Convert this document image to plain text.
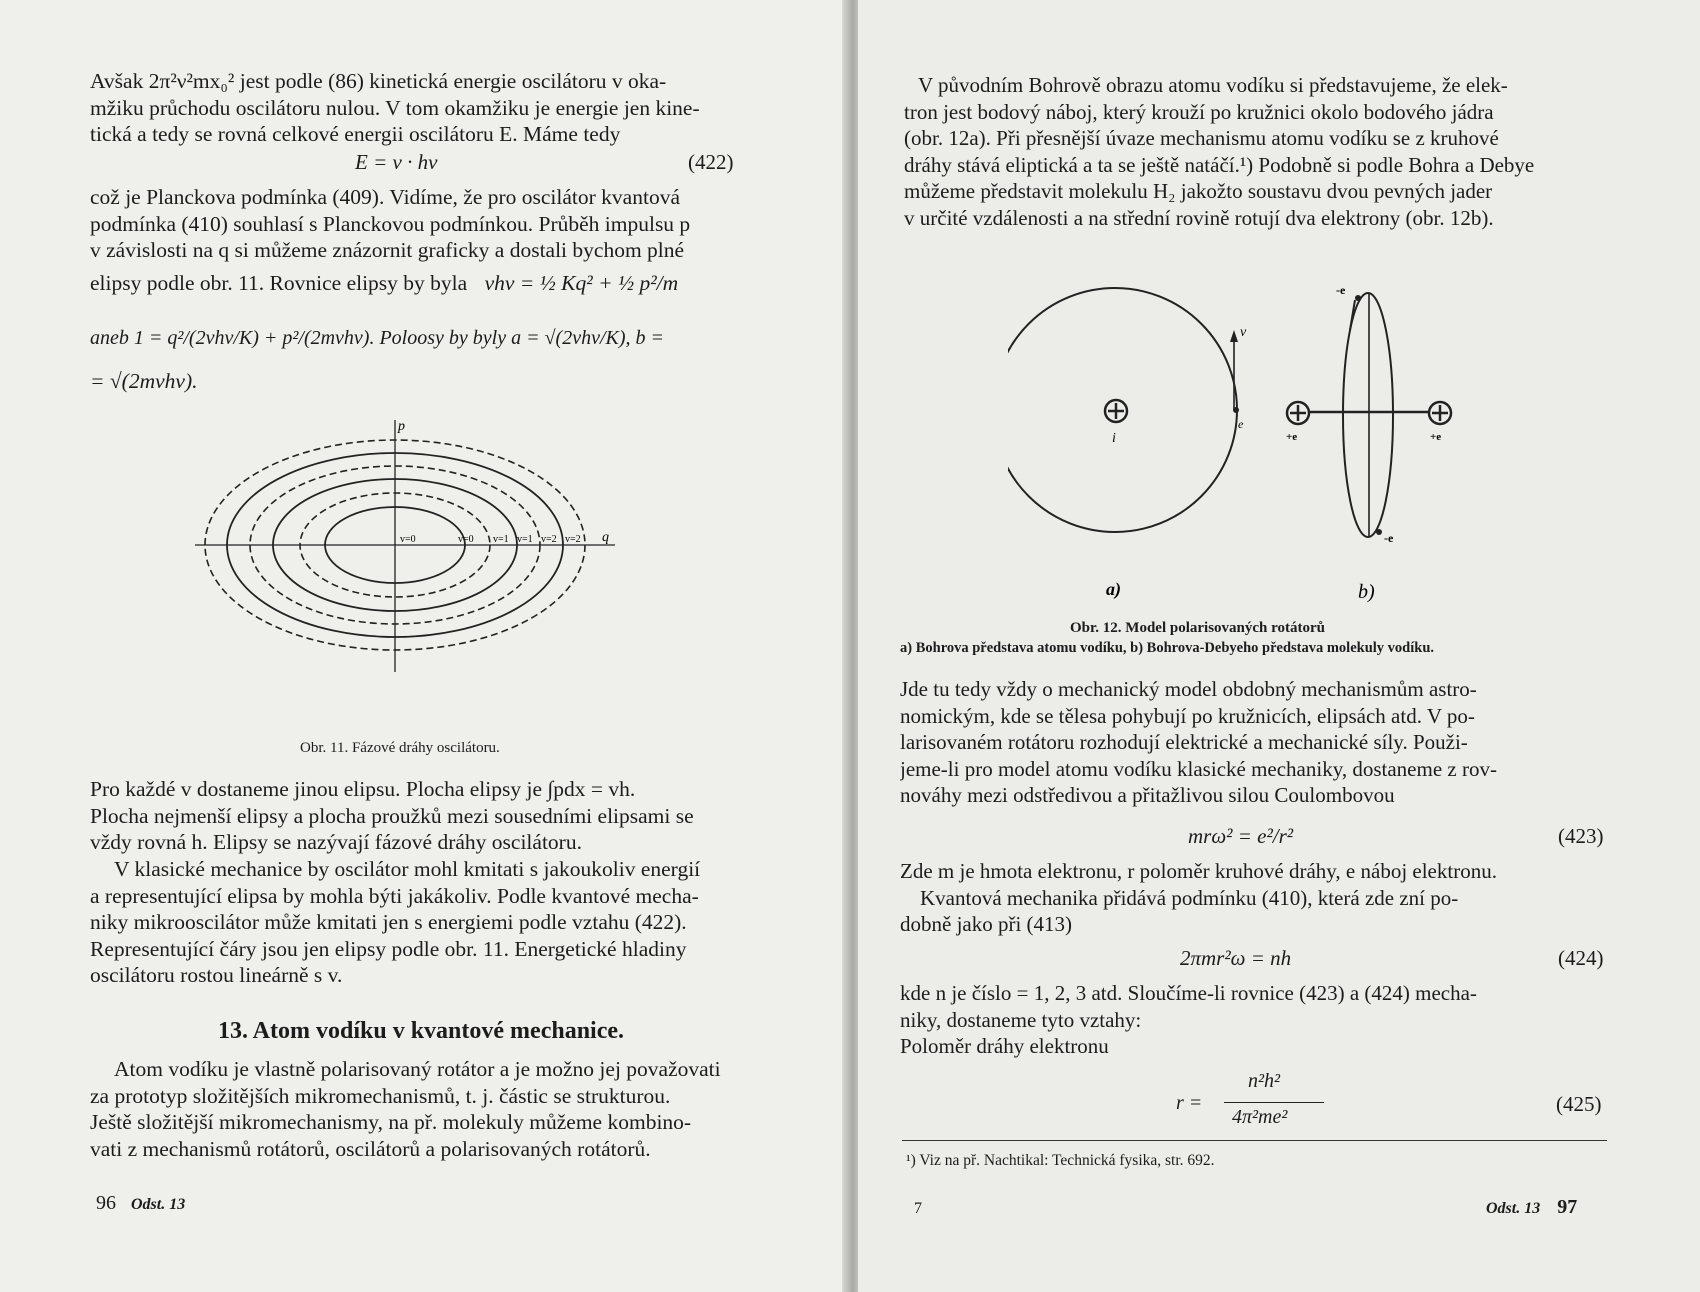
Avšak 2π²ν²mx₀² jest podle (86) kinetická energie oscilátoru v oka-
mžiku průchodu oscilátoru nulou. V tom okamžiku je energie jen kine-
tická a tedy se rovná celkové energii oscilátoru E. Máme tedy
E = v · hν	(422)
což je Planckova podmínka (409). Vidíme, že pro oscilátor kvantová
podmínka (410) souhlasí s Planckovou podmínkou. Průběh impulsu p
v závislosti na q si můžeme znázornit graficky a dostali bychom plné
elipsy podle obr. 11. Rovnice elipsy by byla vhν = ½ Kq² + ½ p²/m
aneb 1 = q²/(2vhν/K) + p²/(2mvhν). Poloosy by byly a = √(2vhν/K), b =
= √(2mvhν).
p
q
v=0	v=0 v=1 v=1 v=2 v=2
Obr. 11. Fázové dráhy oscilátoru.
Pro každé v dostaneme jinou elipsu. Plocha elipsy je ∫pdx = vh.
Plocha nejmenší elipsy a plocha proužků mezi sousedními elipsami se
vždy rovná h. Elipsy se nazývají fázové dráhy oscilátoru.
V klasické mechanice by oscilátor mohl kmitati s jakoukoliv energií
a representující elipsa by mohla býti jakákoliv. Podle kvantové mecha-
niky mikrooscilátor může kmitati jen s energiemi podle vztahu (422).
Representující čáry jsou jen elipsy podle obr. 11. Energetické hladiny
oscilátoru rostou lineárně s v.
13. Atom vodíku v kvantové mechanice.
Atom vodíku je vlastně polarisovaný rotátor a je možno jej považovati
za prototyp složitějších mikromechanismů, t. j. částic se strukturou.
Ještě složitější mikromechanismy, na př. molekuly můžeme kombino-
vati z mechanismů rotátorů, oscilátorů a polarisovaných rotátorů.
96 Odst. 13
V původním Bohrově obrazu atomu vodíku si představujeme, že elek-
tron jest bodový náboj, který krouží po kružnici okolo bodového jádra
(obr. 12a). Při přesnější úvaze mechanismu atomu vodíku se z kruhové
dráhy stává eliptická a ta se ještě natáčí.¹) Podobně si podle Bohra a Debye
můžeme představit molekulu H₂ jakožto soustavu dvou pevných jader
v určité vzdálenosti a na střední rovině rotují dva elektrony (obr. 12b).
v
e
i
a)
-e
-e
+e	+e
b)
Obr. 12. Model polarisovaných rotátorů
a) Bohrova představa atomu vodíku, b) Bohrova-Debyeho představa molekuly vodíku.
Jde tu tedy vždy o mechanický model obdobný mechanismům astro-
nomickým, kde se tělesa pohybují po kružnicích, elipsách atd. V po-
larisovaném rotátoru rozhodují elektrické a mechanické síly. Použi-
jeme-li pro model atomu vodíku klasické mechaniky, dostaneme z rov-
nováhy mezi odstředivou a přitažlivou silou Coulombovou
mrω² = e²/r²	(423)
Zde m je hmota elektronu, r poloměr kruhové dráhy, e náboj elektronu.
Kvantová mechanika přidává podmínku (410), která zde zní po-
dobně jako při (413)
2πmr²ω = nh	(424)
kde n je číslo = 1, 2, 3 atd. Sloučíme-li rovnice (423) a (424) mecha-
niky, dostaneme tyto vztahy:
Poloměr dráhy elektronu
r =
n²h²
4π²me²
(425)
¹) Viz na př. Nachtikal: Technická fysika, str. 692.
7	Odst. 13 97
